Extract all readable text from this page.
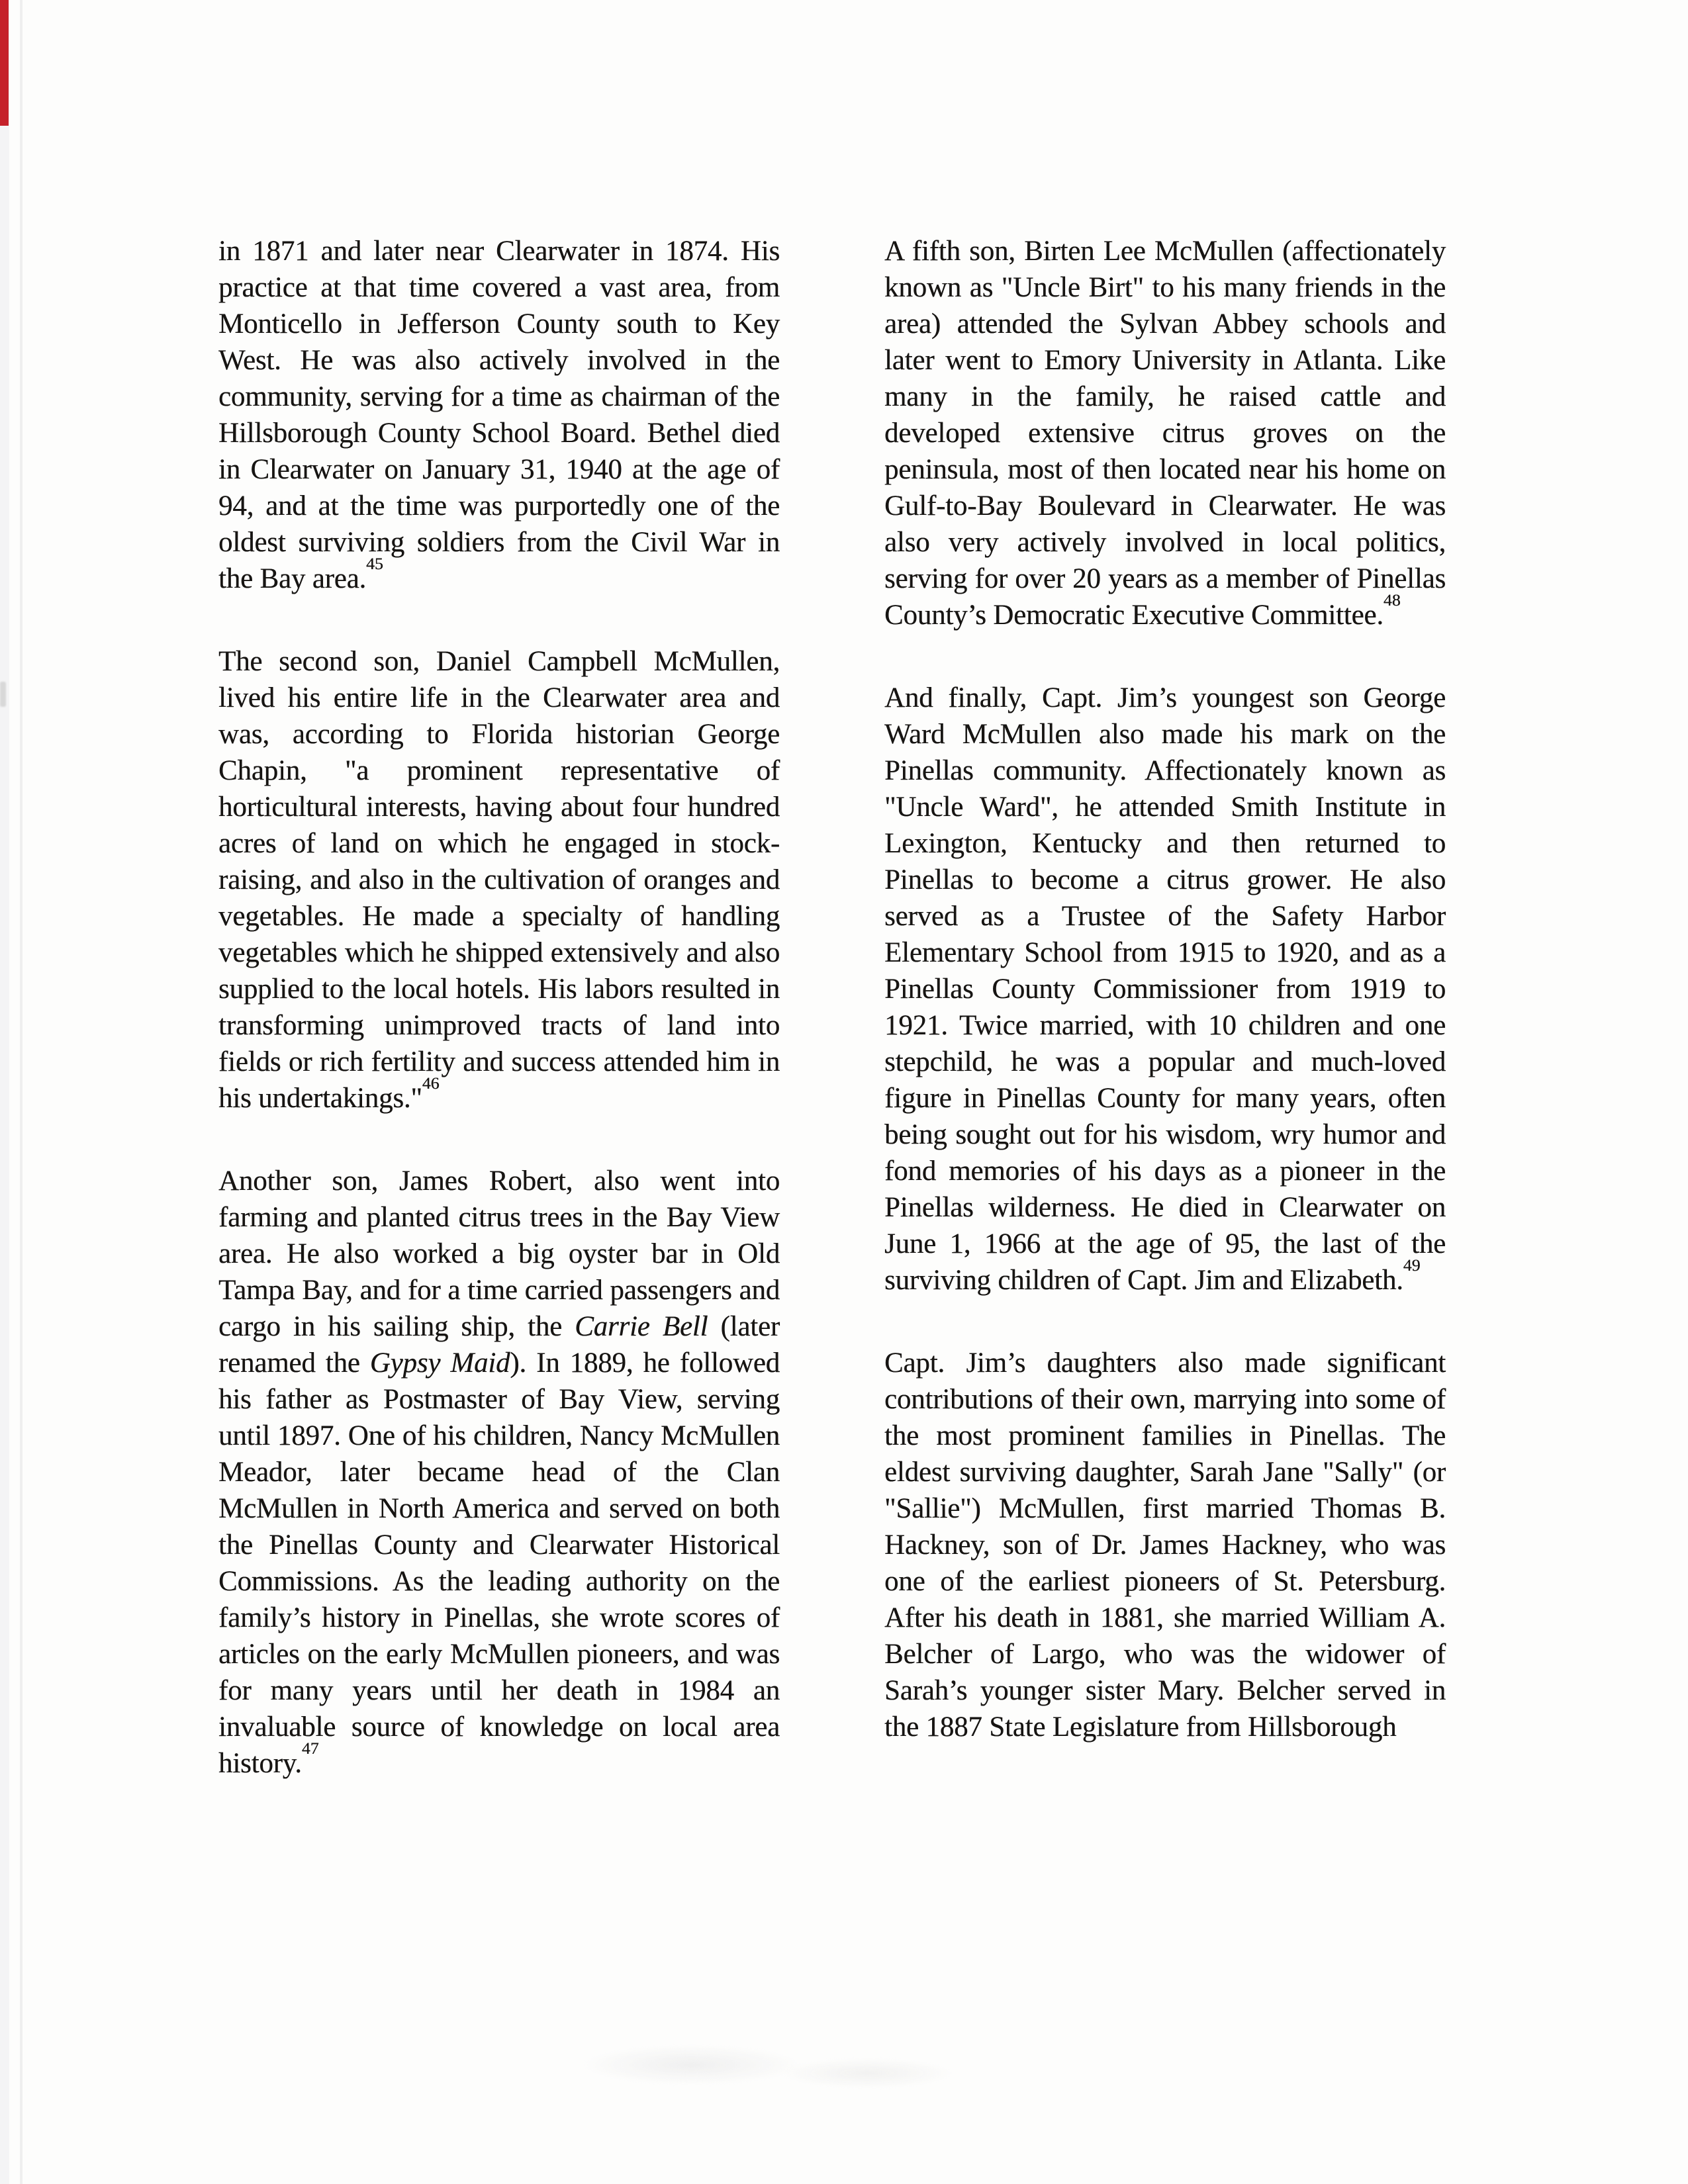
in 1871 and later near Clearwater in 1874. His practice at that time covered a vast area, from Monticello in Jefferson County south to Key West. He was also actively involved in the community, serving for a time as chairman of the Hillsborough County School Board. Bethel died in Clearwater on January 31, 1940 at the age of 94, and at the time was purportedly one of the oldest surviving soldiers from the Civil War in the Bay area.$^{45}$

The second son, Daniel Campbell McMullen, lived his entire life in the Clearwater area and was, according to Florida historian George Chapin, "a prominent representative of horticultural interests, having about four hundred acres of land on which he engaged in stock-raising, and also in the cultivation of oranges and vegetables. He made a specialty of handling vegetables which he shipped extensively and also supplied to the local hotels. His labors resulted in transforming unimproved tracts of land into fields or rich fertility and success attended him in his undertakings."$^{46}$

Another son, James Robert, also went into farming and planted citrus trees in the Bay View area. He also worked a big oyster bar in Old Tampa Bay, and for a time carried passengers and cargo in his sailing ship, the Carrie Bell (later renamed the Gypsy Maid). In 1889, he followed his father as Postmaster of Bay View, serving until 1897. One of his children, Nancy McMullen Meador, later became head of the Clan McMullen in North America and served on both the Pinellas County and Clearwater Historical Commissions. As the leading authority on the family’s history in Pinellas, she wrote scores of articles on the early McMullen pioneers, and was for many years until her death in 1984 an invaluable source of knowledge on local area history.$^{47}$

A fifth son, Birten Lee McMullen (affectionately known as "Uncle Birt" to his many friends in the area) attended the Sylvan Abbey schools and later went to Emory University in Atlanta. Like many in the family, he raised cattle and developed extensive citrus groves on the peninsula, most of then located near his home on Gulf-to-Bay Boulevard in Clearwater. He was also very actively involved in local politics, serving for over 20 years as a member of Pinellas County’s Democratic Executive Committee.$^{48}$

And finally, Capt. Jim’s youngest son George Ward McMullen also made his mark on the Pinellas community. Affectionately known as "Uncle Ward", he attended Smith Institute in Lexington, Kentucky and then returned to Pinellas to become a citrus grower. He also served as a Trustee of the Safety Harbor Elementary School from 1915 to 1920, and as a Pinellas County Commissioner from 1919 to 1921. Twice married, with 10 children and one stepchild, he was a popular and much-loved figure in Pinellas County for many years, often being sought out for his wisdom, wry humor and fond memories of his days as a pioneer in the Pinellas wilderness. He died in Clearwater on June 1, 1966 at the age of 95, the last of the surviving children of Capt. Jim and Elizabeth.$^{49}$

Capt. Jim’s daughters also made significant contributions of their own, marrying into some of the most prominent families in Pinellas. The eldest surviving daughter, Sarah Jane "Sally" (or "Sallie") McMullen, first married Thomas B. Hackney, son of Dr. James Hackney, who was one of the earliest pioneers of St. Petersburg. After his death in 1881, she married William A. Belcher of Largo, who was the widower of Sarah’s younger sister Mary. Belcher served in the 1887 State Legislature from Hillsborough
